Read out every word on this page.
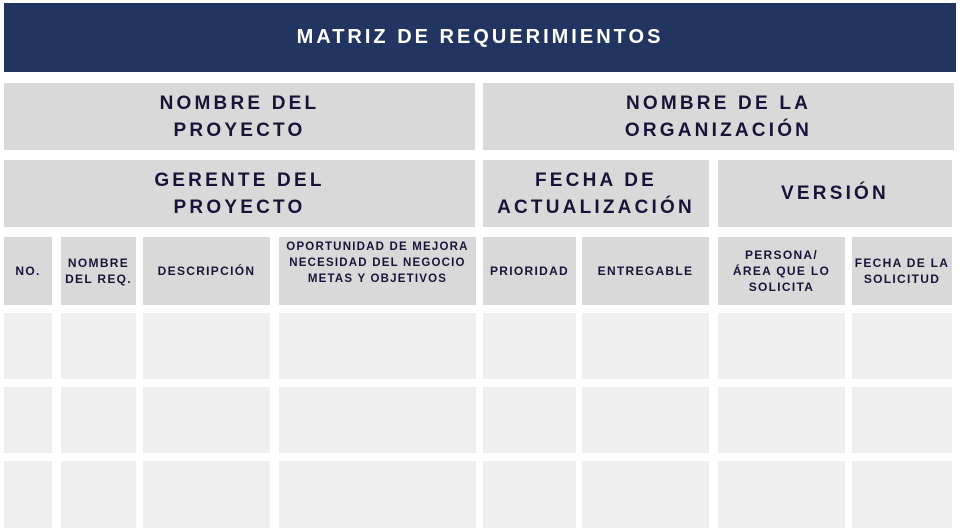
MATRIZ DE REQUERIMIENTOS
NOMBRE DEL PROYECTO
NOMBRE DE LA ORGANIZACIÓN
GERENTE DEL PROYECTO
FECHA DE ACTUALIZACIÓN
VERSIÓN
NO.
NOMBRE DEL REQ.
DESCRIPCIÓN
OPORTUNIDAD DE MEJORA
NECESIDAD DEL NEGOCIO
METAS Y OBJETIVOS
PRIORIDAD	ENTREGABLE
PERSONA/
ÁREA QUE LO
SOLICITA
FECHA DE LA SOLICITUD
